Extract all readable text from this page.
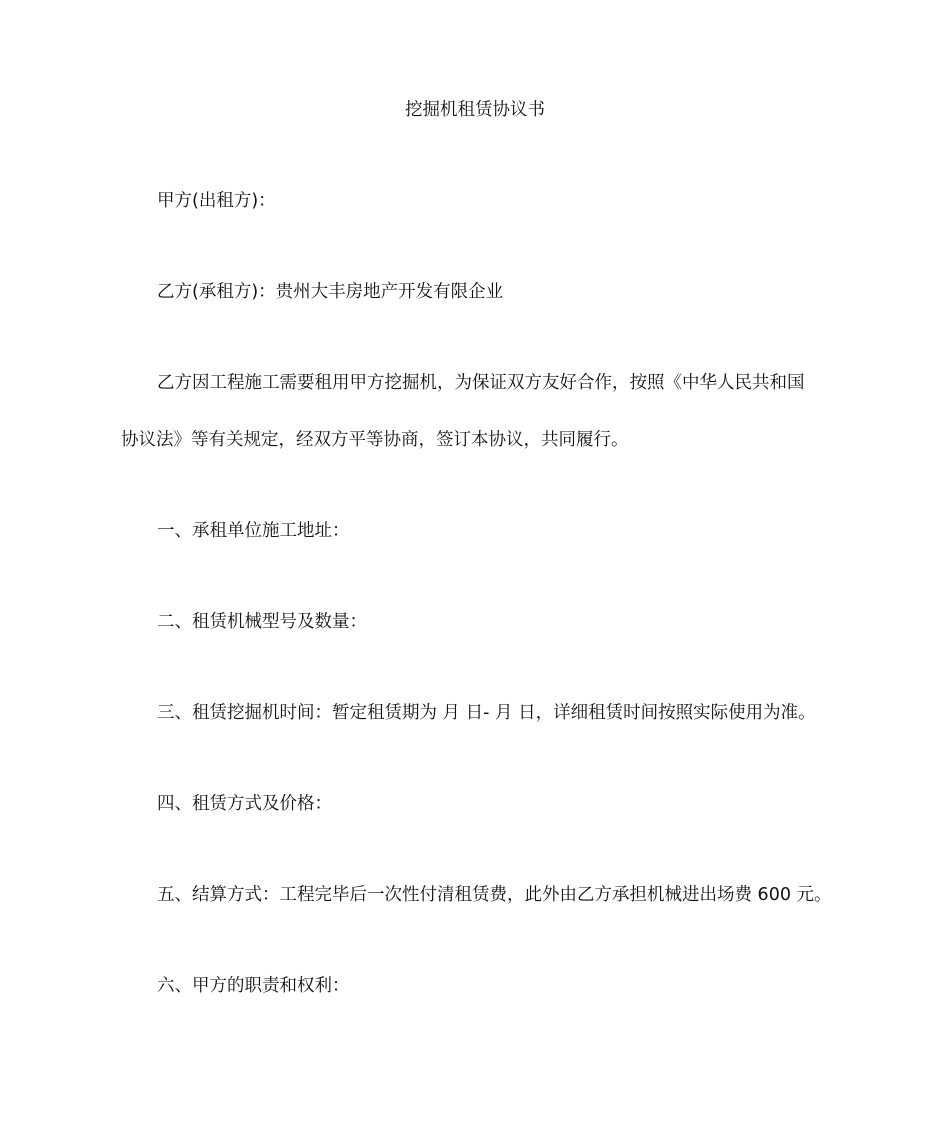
挖掘机租赁协议书
甲方(出租方)：
乙方(承租方)：贵州大丰房地产开发有限企业
乙方因工程施工需要租用甲方挖掘机，为保证双方友好合作，按照《中华人民共和国
协议法》等有关规定，经双方平等协商，签订本协议，共同履行。
一、承租单位施工地址：
二、租赁机械型号及数量：
三、租赁挖掘机时间：暂定租赁期为 月 日- 月 日，详细租赁时间按照实际使用为准。
四、租赁方式及价格：
五、结算方式：工程完毕后一次性付清租赁费，此外由乙方承担机械进出场费 600 元。
六、甲方的职责和权利：
